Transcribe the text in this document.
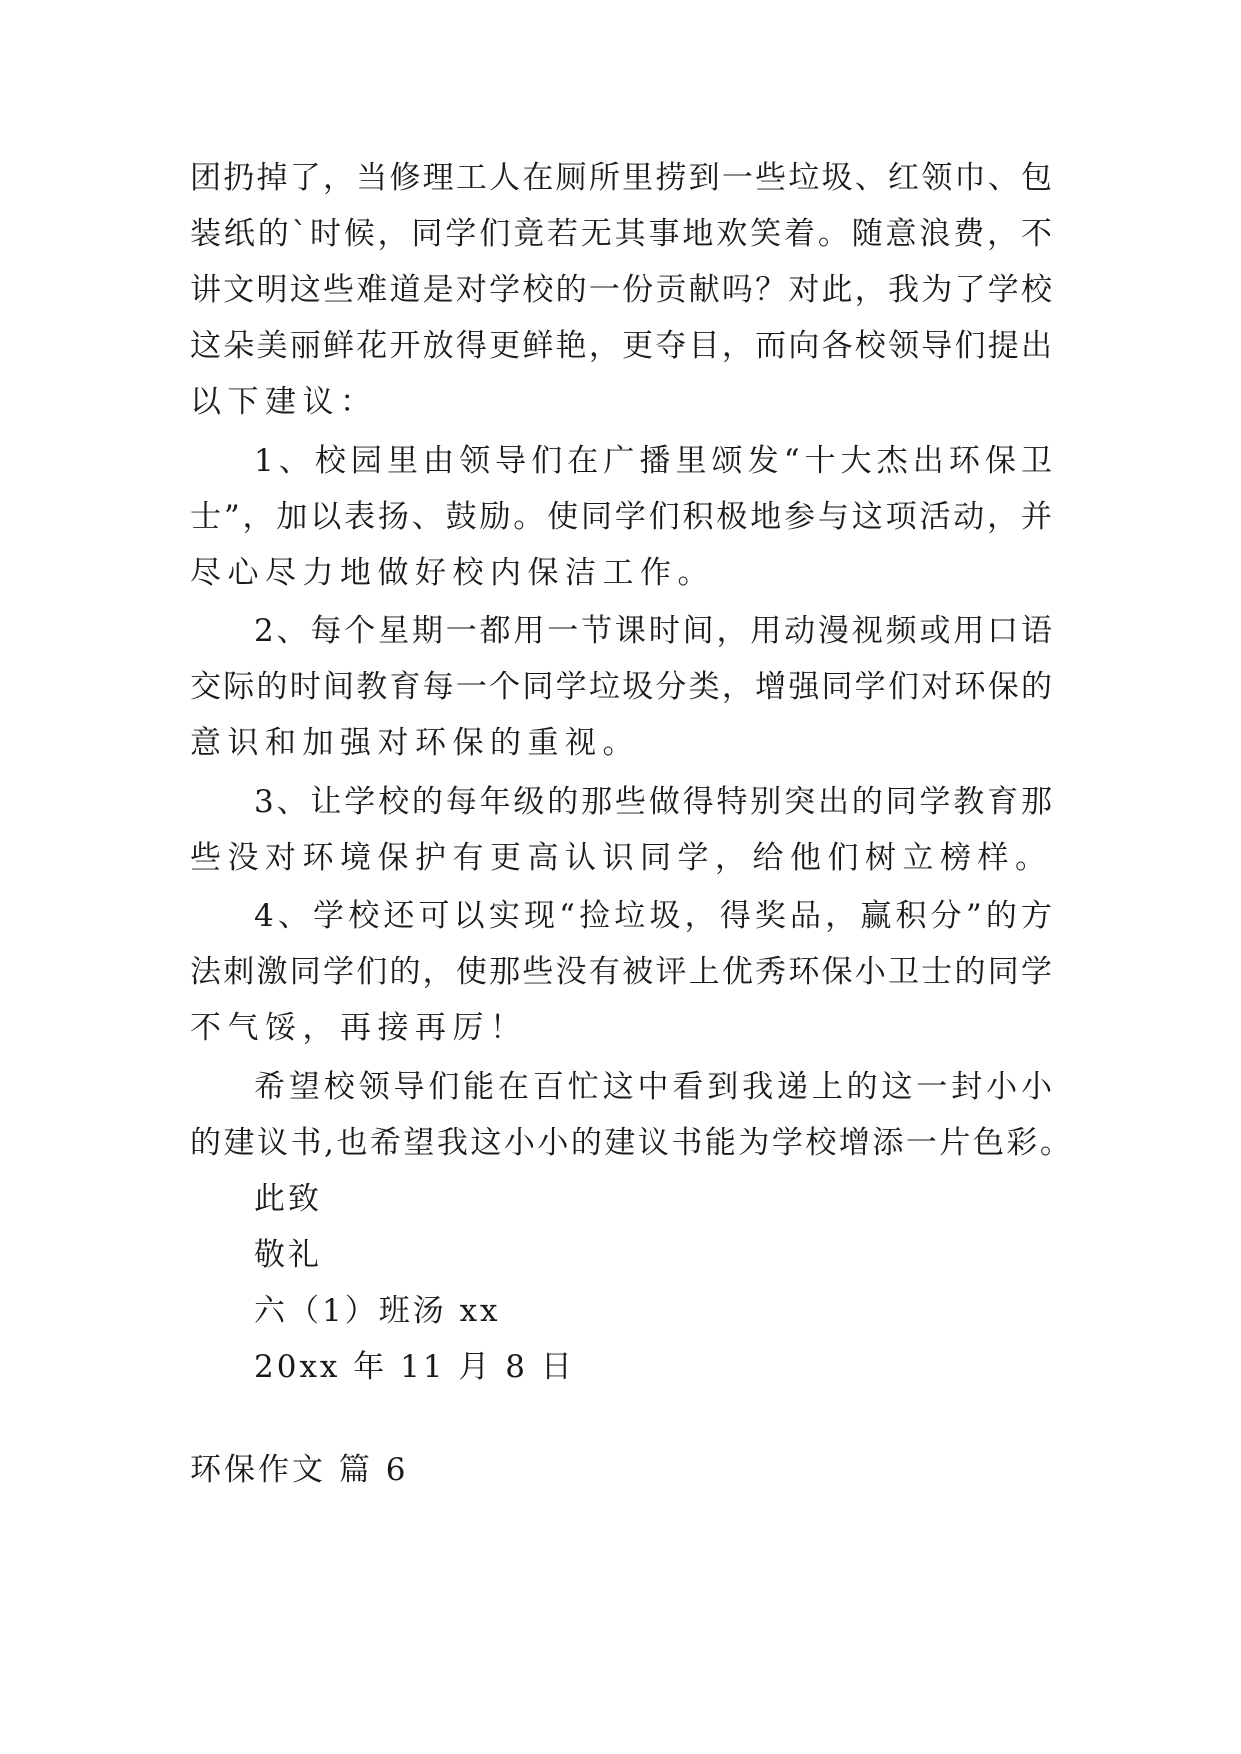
团扔掉了，当修理工人在厕所里捞到一些垃圾、红领巾、包
装纸的`时候，同学们竟若无其事地欢笑着。随意浪费，不
讲文明这些难道是对学校的一份贡献吗？对此，我为了学校
这朵美丽鲜花开放得更鲜艳，更夺目，而向各校领导们提出
以下建议：
1、校园里由领导们在广播里颂发“十大杰出环保卫
士”，加以表扬、鼓励。使同学们积极地参与这项活动，并
尽心尽力地做好校内保洁工作。
2、每个星期一都用一节课时间，用动漫视频或用口语
交际的时间教育每一个同学垃圾分类，增强同学们对环保的
意识和加强对环保的重视。
3、让学校的每年级的那些做得特别突出的同学教育那
些没对环境保护有更高认识同学，给他们树立榜样。
4、学校还可以实现“捡垃圾，得奖品，赢积分”的方
法刺激同学们的，使那些没有被评上优秀环保小卫士的同学
不气馁，再接再厉！
希望校领导们能在百忙这中看到我递上的这一封小小
的建议书,也希望我这小小的建议书能为学校增添一片色彩。
此致
敬礼
六（1）班汤 xx
20xx 年 11 月 8 日
环保作文 篇 6
